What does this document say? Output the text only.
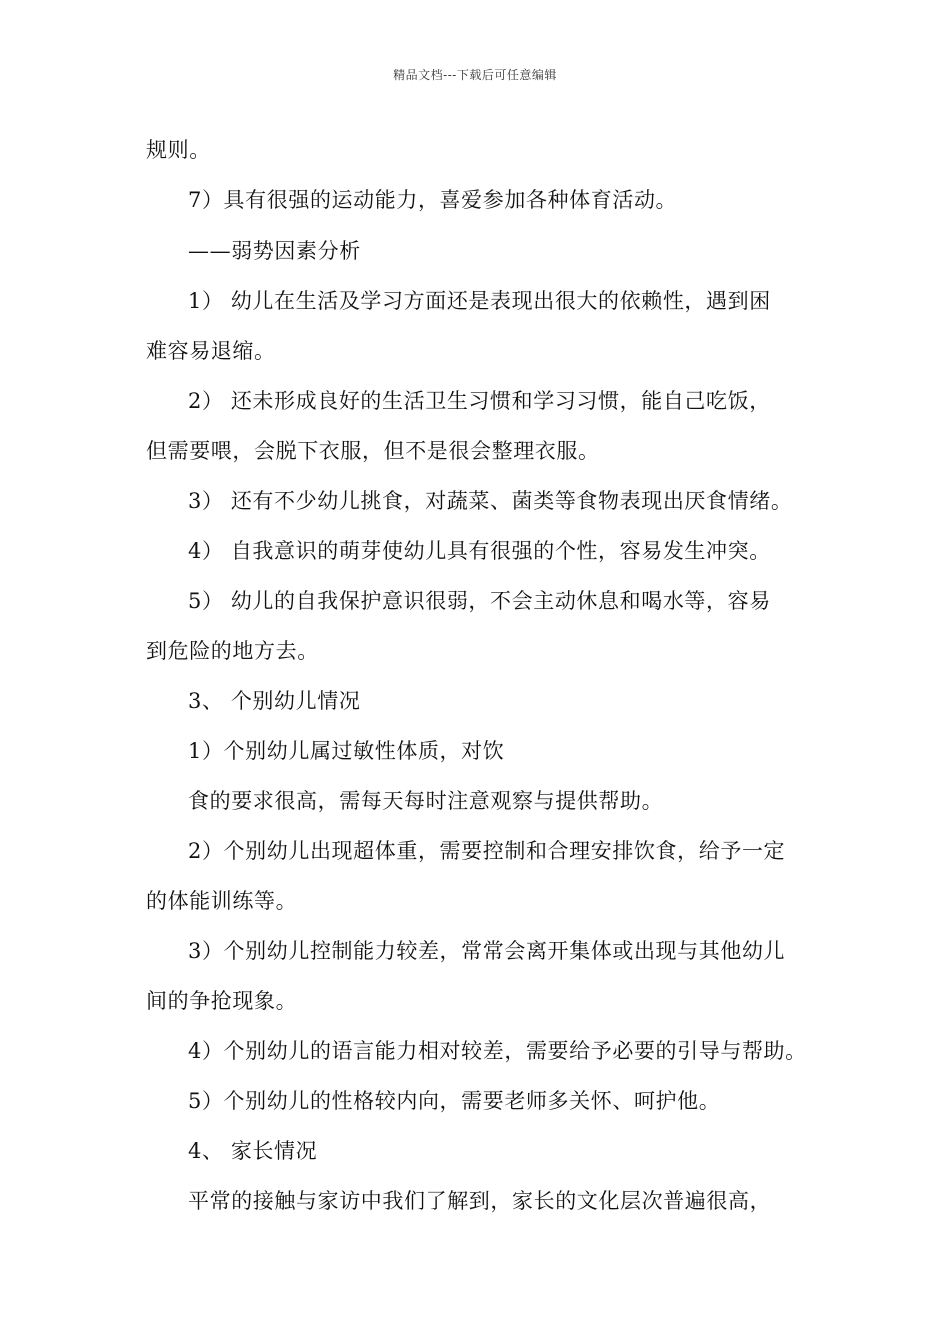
精品文档---下载后可任意编辑
规则。
7）具有很强的运动能力，喜爱参加各种体育活动。
——弱势因素分析
1） 幼儿在生活及学习方面还是表现出很大的依赖性，遇到困
难容易退缩。
2） 还未形成良好的生活卫生习惯和学习习惯，能自己吃饭，
但需要喂，会脱下衣服，但不是很会整理衣服。
3） 还有不少幼儿挑食，对蔬菜、菌类等食物表现出厌食情绪。
4） 自我意识的萌芽使幼儿具有很强的个性，容易发生冲突。
5） 幼儿的自我保护意识很弱，不会主动休息和喝水等，容易
到危险的地方去。
3、 个别幼儿情况
1）个别幼儿属过敏性体质，对饮
食的要求很高，需每天每时注意观察与提供帮助。
2）个别幼儿出现超体重，需要控制和合理安排饮食，给予一定
的体能训练等。
3）个别幼儿控制能力较差，常常会离开集体或出现与其他幼儿
间的争抢现象。
4）个别幼儿的语言能力相对较差，需要给予必要的引导与帮助。
5）个别幼儿的性格较内向，需要老师多关怀、呵护他。
4、 家长情况
平常的接触与家访中我们了解到，家长的文化层次普遍很高，
